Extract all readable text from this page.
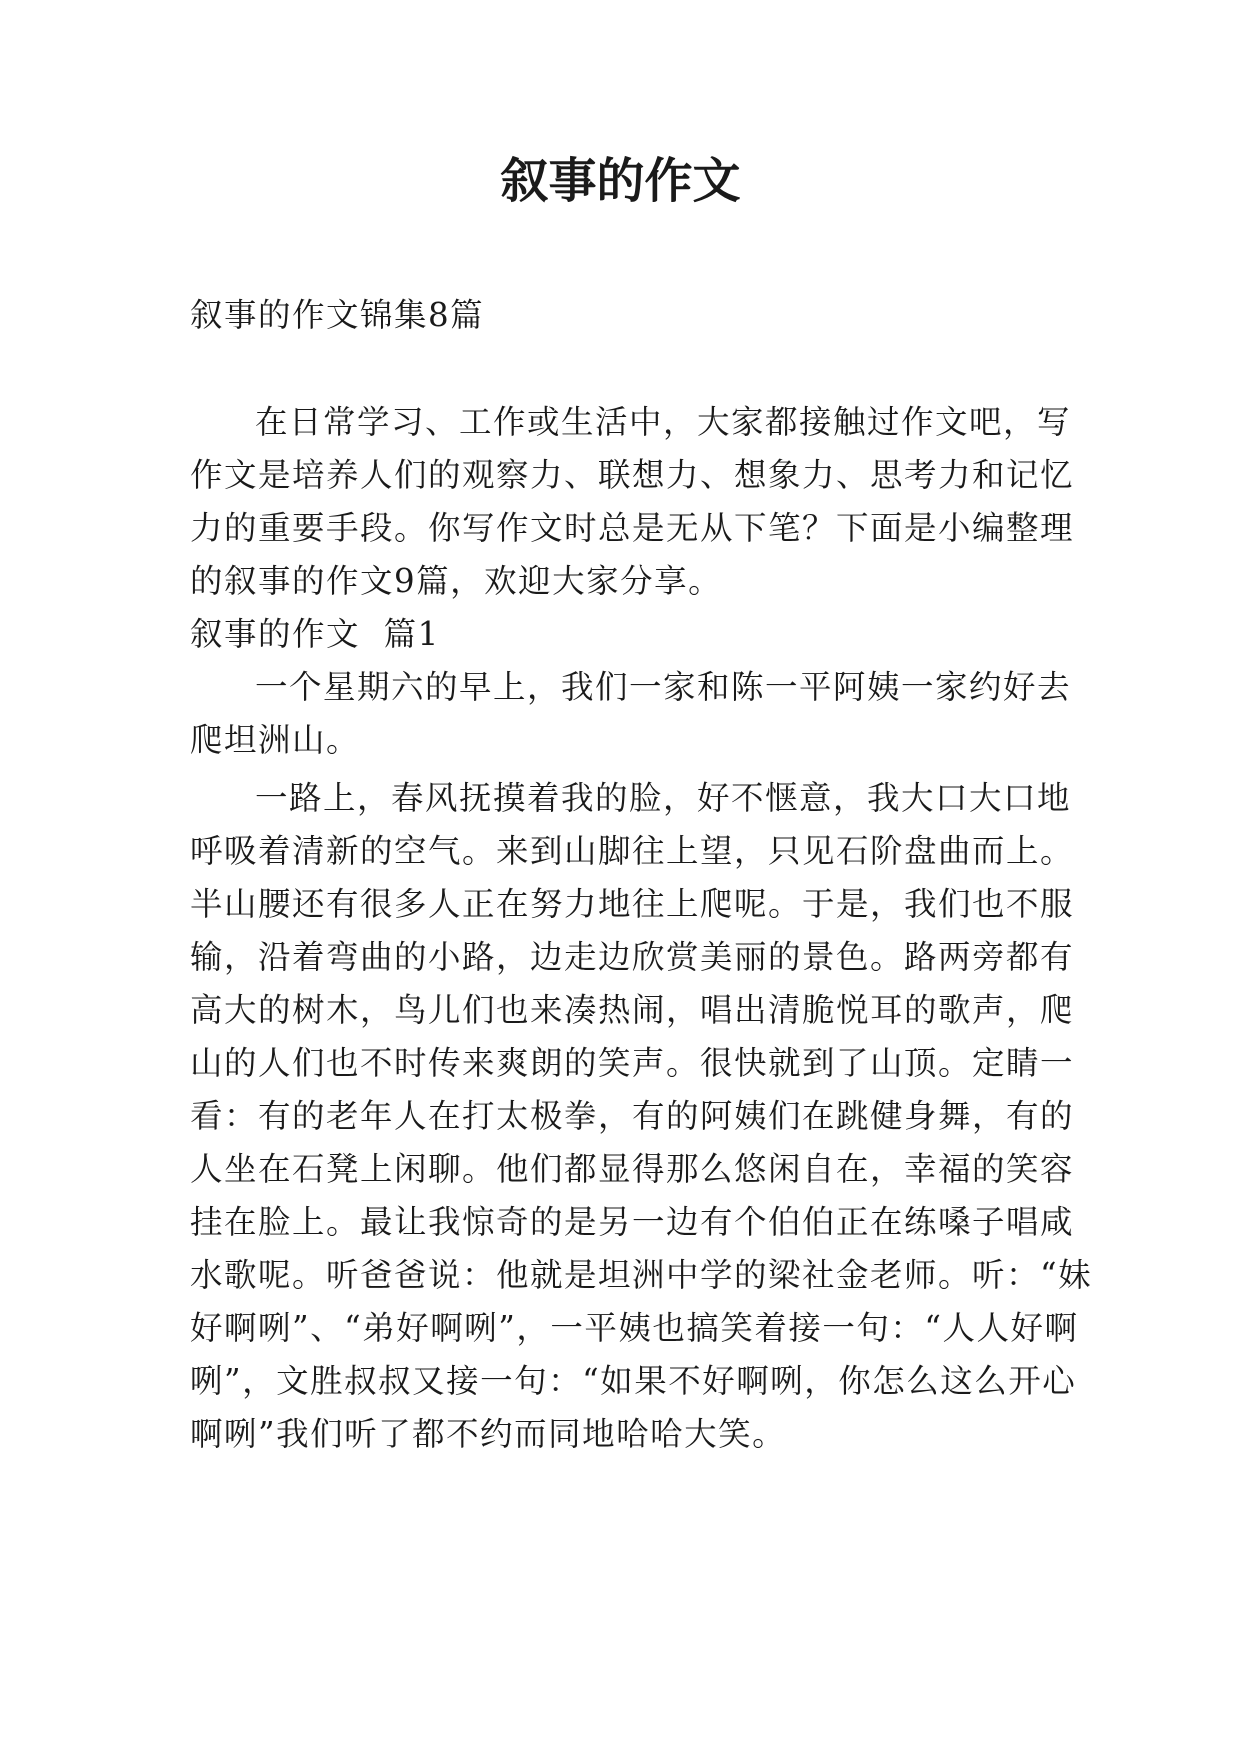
叙事的作文
叙事的作文锦集8篇
在日常学习、工作或生活中，大家都接触过作文吧，写
作文是培养人们的观察力、联想力、想象力、思考力和记忆
力的重要手段。你写作文时总是无从下笔？下面是小编整理
的叙事的作文9篇，欢迎大家分享。
叙事的作文  篇1
一个星期六的早上，我们一家和陈一平阿姨一家约好去
爬坦洲山。
一路上，春风抚摸着我的脸，好不惬意，我大口大口地
呼吸着清新的空气。来到山脚往上望，只见石阶盘曲而上。
半山腰还有很多人正在努力地往上爬呢。于是，我们也不服
输，沿着弯曲的小路，边走边欣赏美丽的景色。路两旁都有
高大的树木，鸟儿们也来凑热闹，唱出清脆悦耳的歌声，爬
山的人们也不时传来爽朗的笑声。很快就到了山顶。定睛一
看：有的老年人在打太极拳，有的阿姨们在跳健身舞，有的
人坐在石凳上闲聊。他们都显得那么悠闲自在，幸福的笑容
挂在脸上。最让我惊奇的是另一边有个伯伯正在练嗓子唱咸
水歌呢。听爸爸说：他就是坦洲中学的梁社金老师。听：“妹
好啊咧”、“弟好啊咧”，一平姨也搞笑着接一句：“人人好啊
咧”，文胜叔叔又接一句：“如果不好啊咧，你怎么这么开心
啊咧”我们听了都不约而同地哈哈大笑。
